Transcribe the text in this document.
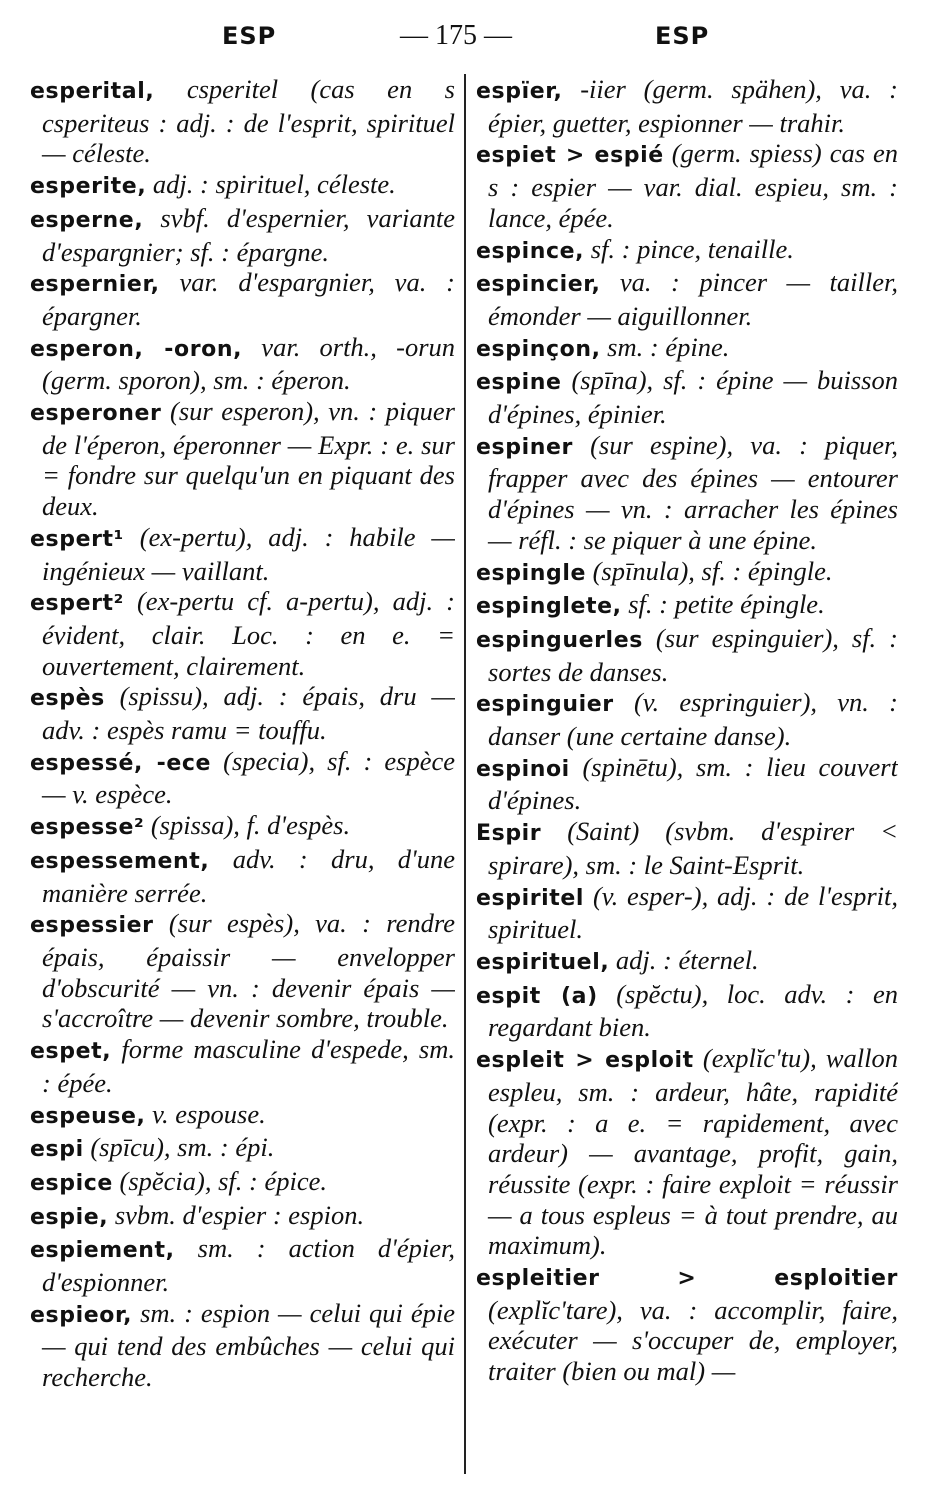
ESP	— 175 —	ESP

esperital, csperitel (cas en s csperiteus : adj. : de l'esprit, spirituel — céleste.

esperite, adj. : spirituel, céleste.

esperne, svbf. d'espernier, variante d'espargnier; sf. : épargne.

espernier, var. d'espargnier, va. : épargner.

esperon, -oron, var. orth., -orun (germ. sporon), sm. : éperon.

esperoner (sur esperon), vn. : piquer de l'éperon, éperonner — Expr. : e. sur = fondre sur quelqu'un en piquant des deux.

espert¹ (ex-pertu), adj. : habile — ingénieux — vaillant.

espert² (ex-pertu cf. a-pertu), adj. : évident, clair. Loc. : en e. = ouvertement, clairement.

espès (spissu), adj. : épais, dru — adv. : espès ramu = touffu.

espessé, -ece (specia), sf. : espèce — v. espèce.

espesse² (spissa), f. d'espès.

espessement, adv. : dru, d'une manière serrée.

espessier (sur espès), va. : rendre épais, épaissir — envelopper d'obscurité — vn. : devenir épais — s'accroître — devenir sombre, trouble.

espet, forme masculine d'espede, sm. : épée.

espeuse, v. espouse.

espi (spīcu), sm. : épi.

espice (spĕcia), sf. : épice.

espie, svbm. d'espier : espion.

espiement, sm. : action d'épier, d'espionner.

espieor, sm. : espion — celui qui épie — qui tend des embûches — celui qui recherche.

espïer, -iier (germ. spähen), va. : épier, guetter, espionner — trahir.

espiet > espié (germ. spiess) cas en s : espier — var. dial. espieu, sm. : lance, épée.

espince, sf. : pince, tenaille.

espincier, va. : pincer — tailler, émonder — aiguillonner.

espinçon, sm. : épine.

espine (spīna), sf. : épine — buisson d'épines, épinier.

espiner (sur espine), va. : piquer, frapper avec des épines — entourer d'épines — vn. : arracher les épines — réfl. : se piquer à une épine.

espingle (spīnula), sf. : épingle.

espinglete, sf. : petite épingle.

espinguerles (sur espinguier), sf. : sortes de danses.

espinguier (v. espringuier), vn. : danser (une certaine danse).

espinoi (spinētu), sm. : lieu couvert d'épines.

Espir (Saint) (svbm. d'espirer < spirare), sm. : le Saint-Esprit.

espiritel (v. esper-), adj. : de l'esprit, spirituel.

espirituel, adj. : éternel.

espit (a) (spĕctu), loc. adv. : en regardant bien.

espleit > esploit (explĭc'tu), wallon espleu, sm. : ardeur, hâte, rapidité (expr. : a e. = rapidement, avec ardeur) — avantage, profit, gain, réussite (expr. : faire exploit = réussir — a tous espleus = à tout prendre, au maximum).

espleitier > esploitier (explĭc'tare), va. : accomplir, faire, exécuter — s'occuper de, employer, traiter (bien ou mal) —
